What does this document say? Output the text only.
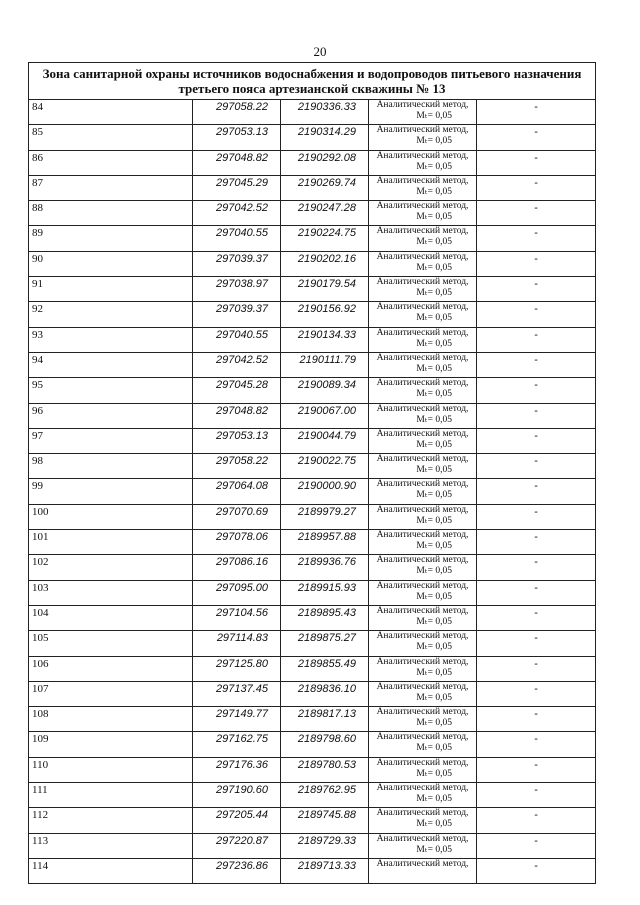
20
Зона санитарной охраны источников водоснабжения и водопроводов питьевого назначения
третьего пояса артезианской скважины № 13				
84	297058.22	2190336.33	Аналитический метод,
Mₜ= 0,05	-
85	297053.13	2190314.29	Аналитический метод,
Mₜ= 0,05	-
86	297048.82	2190292.08	Аналитический метод,
Mₜ= 0,05	-
87	297045.29	2190269.74	Аналитический метод,
Mₜ= 0,05	-
88	297042.52	2190247.28	Аналитический метод,
Mₜ= 0,05	-
89	297040.55	2190224.75	Аналитический метод,
Mₜ= 0,05	-
90	297039.37	2190202.16	Аналитический метод,
Mₜ= 0,05	-
91	297038.97	2190179.54	Аналитический метод,
Mₜ= 0,05	-
92	297039.37	2190156.92	Аналитический метод,
Mₜ= 0,05	-
93	297040.55	2190134.33	Аналитический метод,
Mₜ= 0,05	-
94	297042.52	2190111.79	Аналитический метод,
Mₜ= 0,05	-
95	297045.28	2190089.34	Аналитический метод,
Mₜ= 0,05	-
96	297048.82	2190067.00	Аналитический метод,
Mₜ= 0,05	-
97	297053.13	2190044.79	Аналитический метод,
Mₜ= 0,05	-
98	297058.22	2190022.75	Аналитический метод,
Mₜ= 0,05	-
99	297064.08	2190000.90	Аналитический метод,
Mₜ= 0,05	-
100	297070.69	2189979.27	Аналитический метод,
Mₜ= 0,05	-
101	297078.06	2189957.88	Аналитический метод,
Mₜ= 0,05	-
102	297086.16	2189936.76	Аналитический метод,
Mₜ= 0,05	-
103	297095.00	2189915.93	Аналитический метод,
Mₜ= 0,05	-
104	297104.56	2189895.43	Аналитический метод,
Mₜ= 0,05	-
105	297114.83	2189875.27	Аналитический метод,
Mₜ= 0,05	-
106	297125.80	2189855.49	Аналитический метод,
Mₜ= 0,05	-
107	297137.45	2189836.10	Аналитический метод,
Mₜ= 0,05	-
108	297149.77	2189817.13	Аналитический метод,
Mₜ= 0,05	-
109	297162.75	2189798.60	Аналитический метод,
Mₜ= 0,05	-
110	297176.36	2189780.53	Аналитический метод,
Mₜ= 0,05	-
111	297190.60	2189762.95	Аналитический метод,
Mₜ= 0,05	-
112	297205.44	2189745.88	Аналитический метод,
Mₜ= 0,05	-
113	297220.87	2189729.33	Аналитический метод,
Mₜ= 0,05	-
114	297236.86	2189713.33	Аналитический метод,	-
